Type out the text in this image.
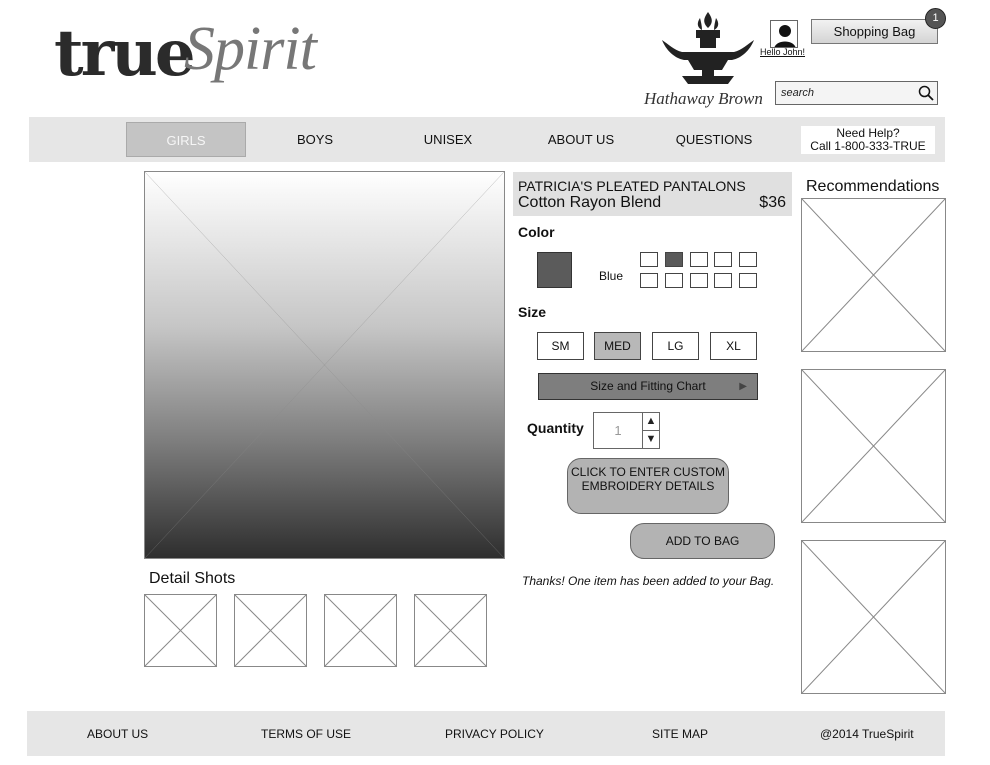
true
Spirit
Hathaway Brown
Hello John!
Shopping Bag
1
search
GIRLS	BOYS	UNISEX	ABOUT US	QUESTIONS	Need Help?
Call 1-800-333-TRUE
Detail Shots
PATRICIA'S PLEATED PANTALONS
Cotton Rayon Blend	$36
Color
Blue
Size
SM	MED	LG	XL
Size and Fitting Chart	▶
Quantity	1
▲
▼
CLICK TO ENTER CUSTOM EMBROIDERY DETAILS
ADD TO BAG
Thanks! One item has been added to your Bag.
Recommendations
ABOUT US	TERMS OF USE	PRIVACY POLICY	SITE MAP	@2014 TrueSpirit
